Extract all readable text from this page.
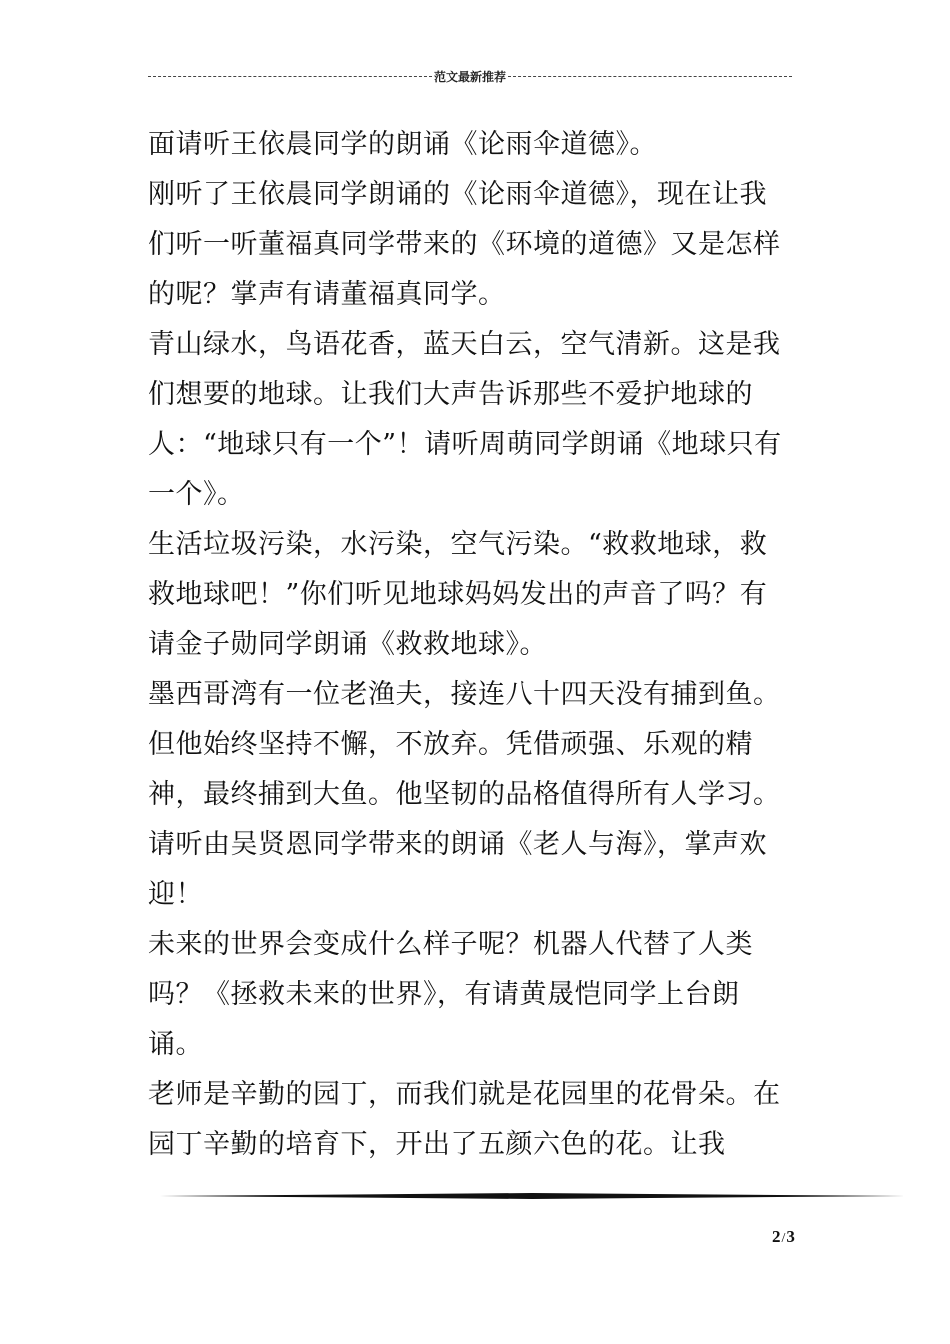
范文最新推荐

面请听王依晨同学的朗诵《论雨伞道德》。

刚听了王依晨同学朗诵的《论雨伞道德》，现在让我们听一听董福真同学带来的《环境的道德》又是怎样的呢？掌声有请董福真同学。

青山绿水，鸟语花香，蓝天白云，空气清新。这是我们想要的地球。让我们大声告诉那些不爱护地球的人：“地球只有一个”！请听周萌同学朗诵《地球只有一个》。

生活垃圾污染，水污染，空气污染。“救救地球，救救地球吧！”你们听见地球妈妈发出的声音了吗？有请金子勋同学朗诵《救救地球》。

墨西哥湾有一位老渔夫，接连八十四天没有捕到鱼。但他始终坚持不懈，不放弃。凭借顽强、乐观的精神，最终捕到大鱼。他坚韧的品格值得所有人学习。请听由吴贤恩同学带来的朗诵《老人与海》，掌声欢迎！

未来的世界会变成什么样子呢？机器人代替了人类吗？《拯救未来的世界》，有请黄晟恺同学上台朗诵。

老师是辛勤的园丁，而我们就是花园里的花骨朵。在园丁辛勤的培育下，开出了五颜六色的花。让我

2/3
